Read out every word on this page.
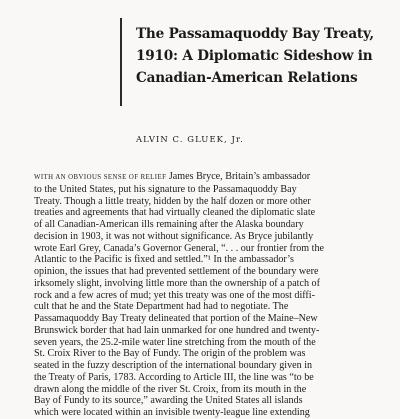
The Passamaquoddy Bay Treaty,
1910: A Diplomatic Sideshow in
Canadian-American Relations

ALVIN C. GLUEK, Jr.

WITH AN OBVIOUS SENSE OF RELIEF James Bryce, Britain’s ambassador
to the United States, put his signature to the Passamaquoddy Bay
Treaty. Though a little treaty, hidden by the half dozen or more other
treaties and agreements that had virtually cleaned the diplomatic slate
of all Canadian-American ills remaining after the Alaska boundary
decision in 1903, it was not without significance. As Bryce jubilantly
wrote Earl Grey, Canada’s Governor General, “. . . our frontier from the
Atlantic to the Pacific is fixed and settled.”¹ In the ambassador’s
opinion, the issues that had prevented settlement of the boundary were
irksomely slight, involving little more than the ownership of a patch of
rock and a few acres of mud; yet this treaty was one of the most diffi-
cult that he and the State Department had had to negotiate. The
Passamaquoddy Bay Treaty delineated that portion of the Maine–New
Brunswick border that had lain unmarked for one hundred and twenty-
seven years, the 25.2-mile water line stretching from the mouth of the
St. Croix River to the Bay of Fundy. The origin of the problem was
seated in the fuzzy description of the international boundary given in
the Treaty of Paris, 1783. According to Article III, the line was “to be
drawn along the middle of the river St. Croix, from its mouth in the
Bay of Fundy to its source,” awarding the United States all islands
which were located within an invisible twenty-league line extending
